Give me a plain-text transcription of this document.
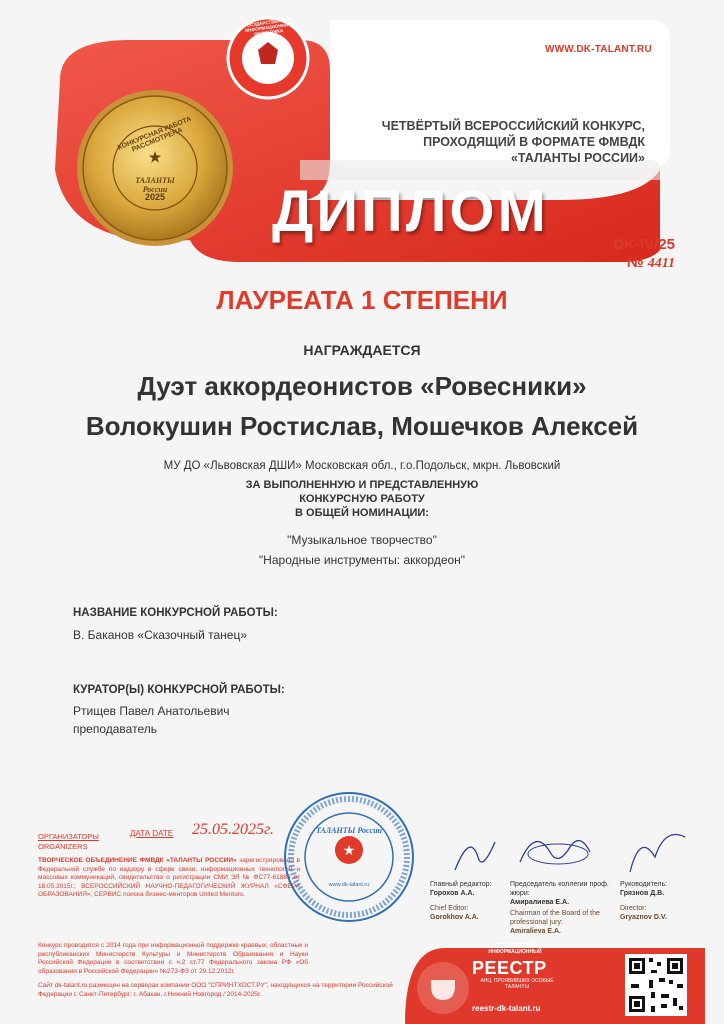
★
2025
WWW.DK-TALANT.RU
КОНКУРСНАЯ РАБОТА РАССМОТРЕНА
ТАЛАНТЫ России
ГОСУДАРСТВЕННАЯ ИНФОРМАЦИОННАЯ ПОДДЕРЖКА
ЧЕТВЁРТЫЙ ВСЕРОССИЙСКИЙ КОНКУРС,
ПРОХОДЯЩИЙ В ФОРМАТЕ ФМВДК «ТАЛАНТЫ РОССИИ»
ДИПЛОМ
DK-IV/25
№ 4411
ЛАУРЕАТА 1 СТЕПЕНИ
НАГРАЖДАЕТСЯ
Дуэт аккордеонистов «Ровесники»
Волокушин Ростислав, Мошечков Алексей
МУ ДО «Львовская ДШИ» Московская обл., г.о.Подольск, мкрн. Львовский
ЗА ВЫПОЛНЕННУЮ И ПРЕДСТАВЛЕННУЮ
КОНКУРСНУЮ РАБОТУ
В ОБЩЕЙ НОМИНАЦИИ:
"Музыкальное творчество"
"Народные инструменты: аккордеон"
НАЗВАНИЕ КОНКУРСНОЙ РАБОТЫ:
В. Баканов «Сказочный танец»
КУРАТОР(Ы) КОНКУРСНОЙ РАБОТЫ:
Ртищев Павел Анатольевич
преподаватель
ОРГАНИЗАТОРЫ
ORGANIZERS
ДАТА DATE 25.05.2025г.
ТВОРЧЕСКОЕ ОБЪЕДИНЕНИЕ ФМВДК «ТАЛАНТЫ РОССИИ» зарегистрировано в Федеральной службе по надзору в сфере связи, информационных технологий и массовых коммуникаций, свидетельство о регистрации СМИ ЭЛ № ФС77-61883 от 18.05.2015г.; ВСЕРОССИЙСКИЙ НАУЧНО-ПЕДАГОГИЧЕСКИЙ ЖУРНАЛ «СФЕРА ОБРАЗОВАНИЯ»; СЕРВИС поиска бизнес-менторов United Mentors.
Конкурс проводится с 2014 года при информационной поддержке краевых, областных и республиканских Министерств Культуры и Министерств Образования и Науки Российской Федерации в соответствии с ч.2 ст.77 Федерального закона РФ «Об образовании в Российской Федерации» №273-ФЗ от 29.12.2012г.
Сайт dk-talant.ru размещен на серверах компании ООО "СПРИНТХОСТ.РУ", находящихся на территории Российской Федерации г. Санкт-Петербург; г. Абакан, г.Нижний Новгород / 2014-2025г.
★
ТАЛАНТЫ России
www.dk-talant.ru	Главный редактор:
Горохов А.А.
Chief Editor:
Gorokhov A.A.
Председатель коллегии проф. жюри:
Амиралиева Е.А.
Chairman of the Board of the professional jury:
Amiralieva E.A.
Руководитель:
Грязнов Д.В.
Director:
Gryaznov D.V.
НЕЗАВИСИМЫЙ ИНФОРМАЦИОННЫЙ
РЕЕСТР
АНЦ, ПРОЯВИВШИХ ОСОБЫЕ ТАЛАНТЫ
reestr-dk-talant.ru
